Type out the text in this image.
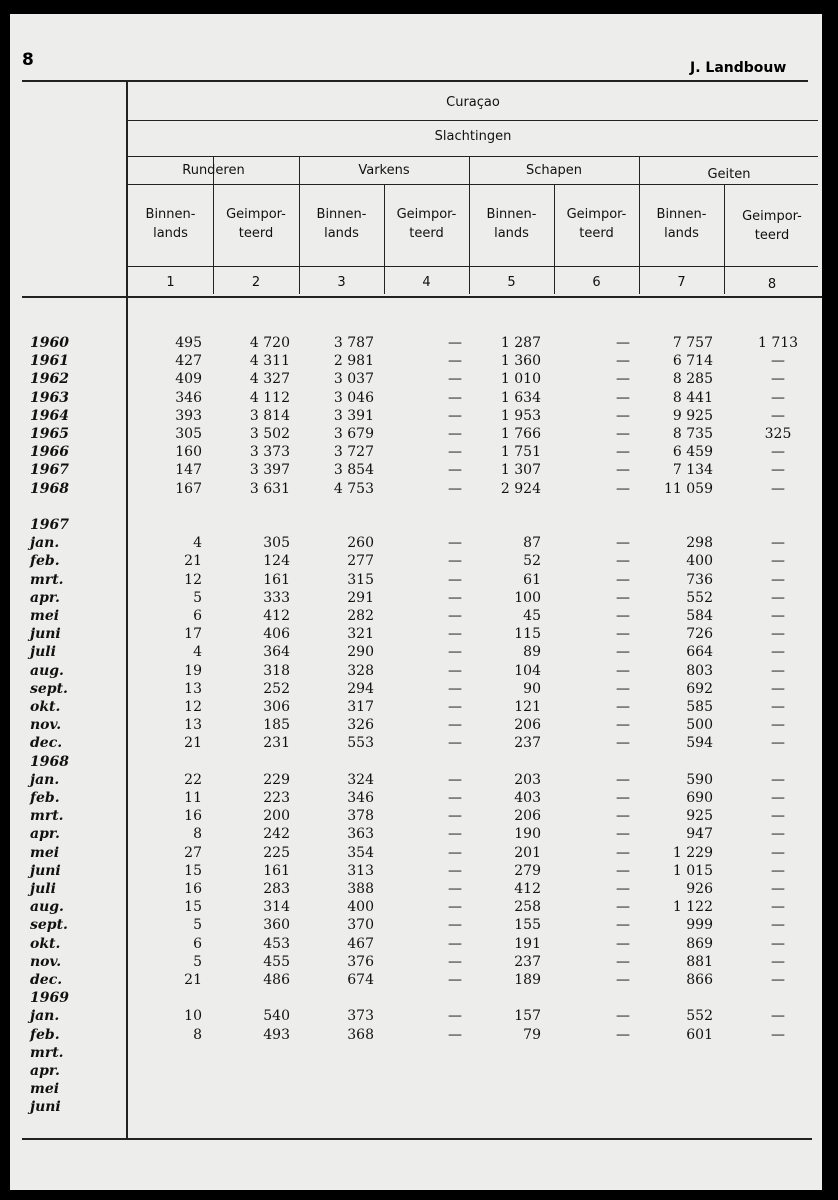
8	J. Landbouw
Curaçao
Slachtingen
Runderen	Varkens	Schapen	Geiten
Binnen-
lands
Geimpor-
teerd
Binnen-
lands
Geimpor-
teerd
Binnen-
lands
Geimpor-
teerd
Binnen-
lands
Geimpor-
teerd
1	2	3	4	5	6	7	8
1960	495	4 720	3 787	—	1 287	—	7 757	1 713
1961	427	4 311	2 981	—	1 360	—	6 714	—
1962	409	4 327	3 037	—	1 010	—	8 285	—
1963	346	4 112	3 046	—	1 634	—	8 441	—
1964	393	3 814	3 391	—	1 953	—	9 925	—
1965	305	3 502	3 679	—	1 766	—	8 735	325
1966	160	3 373	3 727	—	1 751	—	6 459	—
1967	147	3 397	3 854	—	1 307	—	7 134	—
1968	167	3 631	4 753	—	2 924	—	11 059	—
1967
jan.	4	305	260	—	87	—	298	—
feb.	21	124	277	—	52	—	400	—
mrt.	12	161	315	—	61	—	736	—
apr.	5	333	291	—	100	—	552	—
mei	6	412	282	—	45	—	584	—
juni	17	406	321	—	115	—	726	—
juli	4	364	290	—	89	—	664	—
aug.	19	318	328	—	104	—	803	—
sept.	13	252	294	—	90	—	692	—
okt.	12	306	317	—	121	—	585	—
nov.	13	185	326	—	206	—	500	—
dec.	21	231	553	—	237	—	594	—
1968
jan.	22	229	324	—	203	—	590	—
feb.	11	223	346	—	403	—	690	—
mrt.	16	200	378	—	206	—	925	—
apr.	8	242	363	—	190	—	947	—
mei	27	225	354	—	201	—	1 229	—
juni	15	161	313	—	279	—	1 015	—
juli	16	283	388	—	412	—	926	—
aug.	15	314	400	—	258	—	1 122	—
sept.	5	360	370	—	155	—	999	—
okt.	6	453	467	—	191	—	869	—
nov.	5	455	376	—	237	—	881	—
dec.	21	486	674	—	189	—	866	—
1969
jan.	10	540	373	—	157	—	552	—
feb.	8	493	368	—	79	—	601	—
mrt.
apr.
mei
juni
